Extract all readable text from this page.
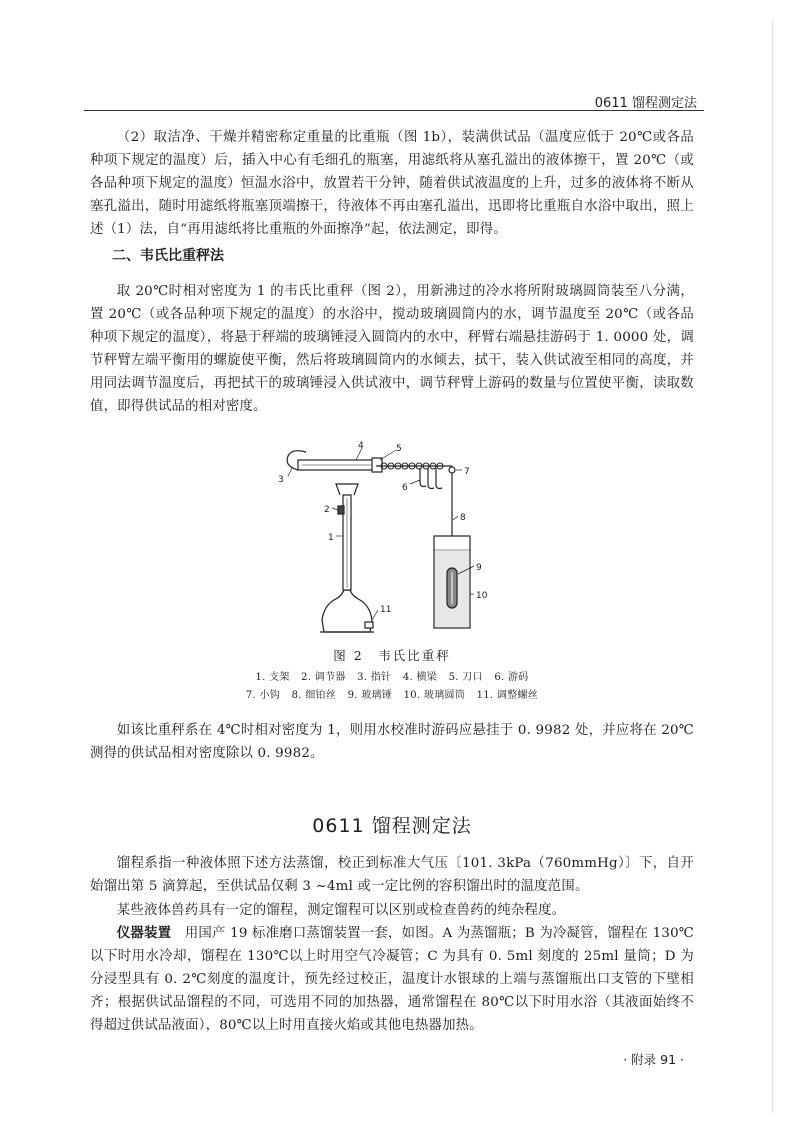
0611 馏程测定法
（2）取洁净、干燥并精密称定重量的比重瓶（图 1b），装满供试品（温度应低于 20℃或各品种项下规定的温度）后，插入中心有毛细孔的瓶塞，用滤纸将从塞孔溢出的液体擦干，置 20℃（或各品种项下规定的温度）恒温水浴中，放置若干分钟，随着供试液温度的上升，过多的液体将不断从塞孔溢出，随时用滤纸将瓶塞顶端擦干，待液体不再由塞孔溢出，迅即将比重瓶自水浴中取出，照上述（1）法，自“再用滤纸将比重瓶的外面擦净”起，依法测定，即得。
二、韦氏比重秤法
取 20℃时相对密度为 1 的韦氏比重秤（图 2），用新沸过的冷水将所附玻璃圆筒装至八分满，置 20℃（或各品种项下规定的温度）的水浴中，搅动玻璃圆筒内的水，调节温度至 20℃（或各品种项下规定的温度），将悬于秤端的玻璃锤浸入圆筒内的水中，秤臂右端悬挂游码于 1. 0000 处，调节秤臂左端平衡用的螺旋使平衡，然后将玻璃圆筒内的水倾去，拭干，装入供试液至相同的高度，并用同法调节温度后，再把拭干的玻璃锤浸入供试液中，调节秤臂上游码的数量与位置使平衡，读取数值，即得供试品的相对密度。
4	5
3
2
1
6
7
8
9
10
11
图 2　韦氏比重秤
1. 支架 2. 调节器 3. 指针 4. 横梁 5. 刀口 6. 游码
7. 小钩 8. 细铂丝 9. 玻璃锤 10. 玻璃圆筒 11. 调整螺丝
如该比重秤系在 4℃时相对密度为 1，则用水校准时游码应悬挂于 0. 9982 处，并应将在 20℃测得的供试品相对密度除以 0. 9982。
0611 馏程测定法
馏程系指一种液体照下述方法蒸馏，校正到标准大气压〔101. 3kPa（760mmHg）〕下，自开始馏出第 5 滴算起，至供试品仅剩 3 ~4ml 或一定比例的容积馏出时的温度范围。
某些液体兽药具有一定的馏程，测定馏程可以区别或检查兽药的纯杂程度。
仪器装置　用国产 19 标准磨口蒸馏装置一套，如图。A 为蒸馏瓶；B 为冷凝管，馏程在 130℃以下时用水冷却，馏程在 130℃以上时用空气冷凝管；C 为具有 0. 5ml 刻度的 25ml 量筒；D 为分浸型具有 0. 2℃刻度的温度计，预先经过校正，温度计水银球的上端与蒸馏瓶出口支管的下壁相齐；根据供试品馏程的不同，可选用不同的加热器，通常馏程在 80℃以下时用水浴（其液面始终不得超过供试品液面），80℃以上时用直接火焰或其他电热器加热。
· 附录 91 ·
